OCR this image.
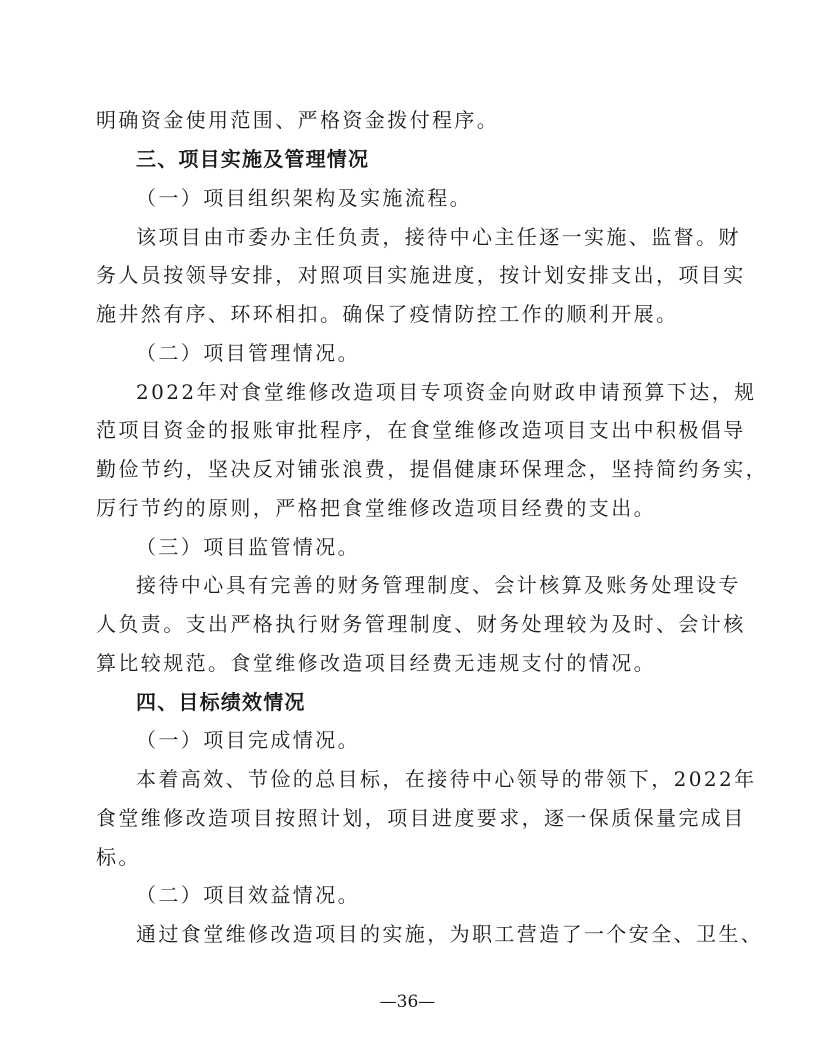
明确资金使用范围、严格资金拨付程序。
三、项目实施及管理情况
（一）项目组织架构及实施流程。
该项目由市委办主任负责，接待中心主任逐一实施、监督。财
务人员按领导安排，对照项目实施进度，按计划安排支出，项目实
施井然有序、环环相扣。确保了疫情防控工作的顺利开展。
（二）项目管理情况。
2022年对食堂维修改造项目专项资金向财政申请预算下达，规
范项目资金的报账审批程序，在食堂维修改造项目支出中积极倡导
勤俭节约，坚决反对铺张浪费，提倡健康环保理念，坚持简约务实，
厉行节约的原则，严格把食堂维修改造项目经费的支出。
（三）项目监管情况。
接待中心具有完善的财务管理制度、会计核算及账务处理设专
人负责。支出严格执行财务管理制度、财务处理较为及时、会计核
算比较规范。食堂维修改造项目经费无违规支付的情况。
四、目标绩效情况
（一）项目完成情况。
本着高效、节俭的总目标，在接待中心领导的带领下，2022年
食堂维修改造项目按照计划，项目进度要求，逐一保质保量完成目
标。
（二）项目效益情况。
通过食堂维修改造项目的实施，为职工营造了一个安全、卫生、
—36—
